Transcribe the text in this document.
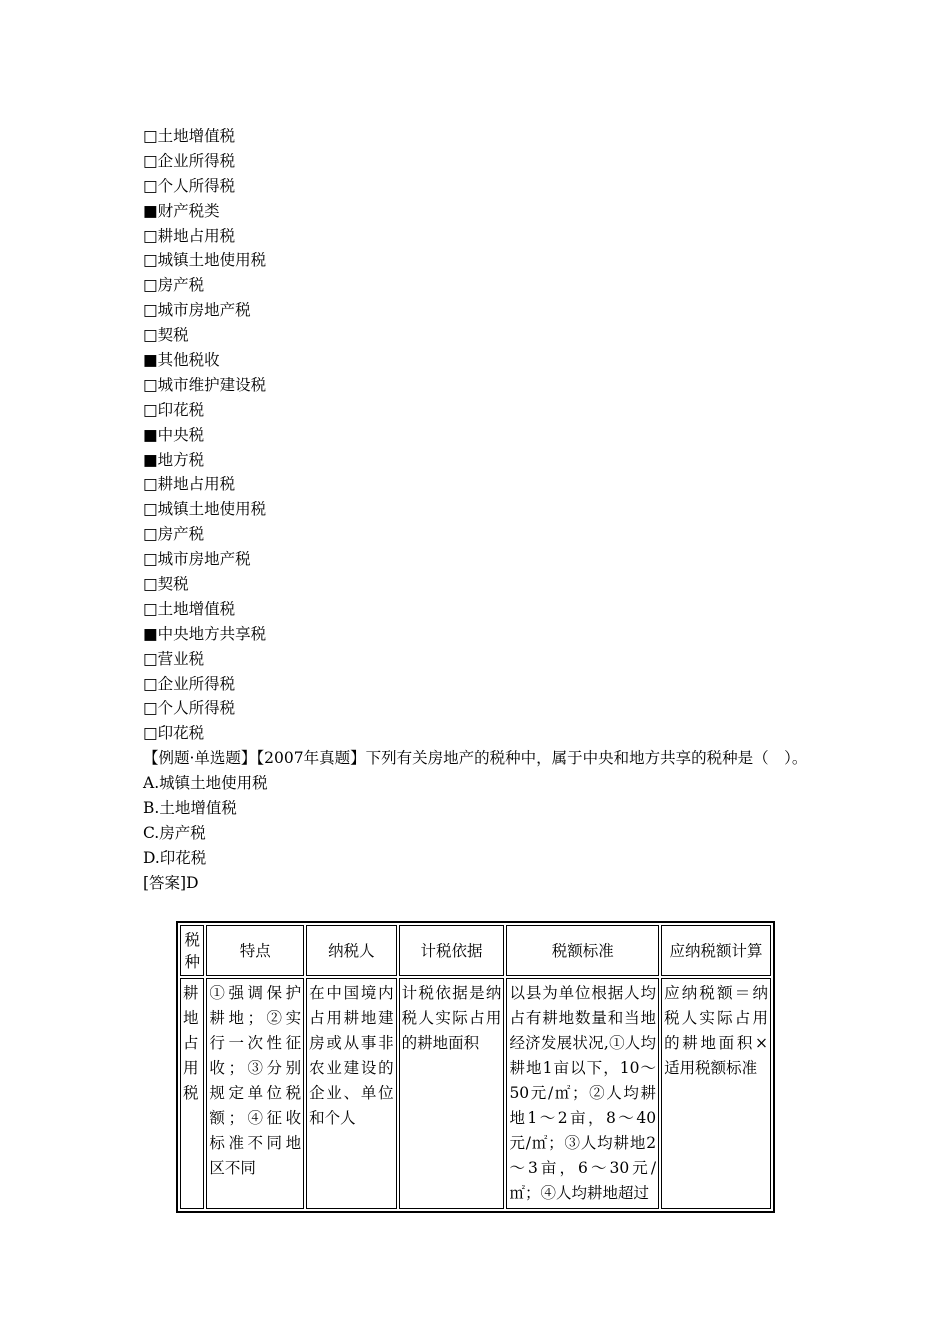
□土地增值税
□企业所得税
□个人所得税
■财产税类
□耕地占用税
□城镇土地使用税
□房产税
□城市房地产税
□契税
■其他税收
□城市维护建设税
□印花税
■中央税
■地方税
□耕地占用税
□城镇土地使用税
□房产税
□城市房地产税
□契税
□土地增值税
■中央地方共享税
□营业税
□企业所得税
□个人所得税
□印花税
【例题·单选题】【2007年真题】下列有关房地产的税种中，属于中央和地方共享的税种是（　）。
A.城镇土地使用税
B.土地增值税
C.房产税
D.印花税
[答案]D
税种	特点	纳税人	计税依据	税额标准	应纳税额计算
耕地占用税	①强调保护耕地；②实行一次性征收；③分别规定单位税额；④征收标准不同地区不同	在中国境内占用耕地建房或从事非农业建设的企业、单位和个人	计税依据是纳税人实际占用的耕地面积	以县为单位根据人均占有耕地数量和当地经济发展状况,①人均耕地1亩以下，10～50元/㎡；②人均耕地1～2亩，8～40元/㎡；③人均耕地2～3亩，6～30元/㎡；④人均耕地超过	应纳税额＝纳税人实际占用的耕地面积×适用税额标准
